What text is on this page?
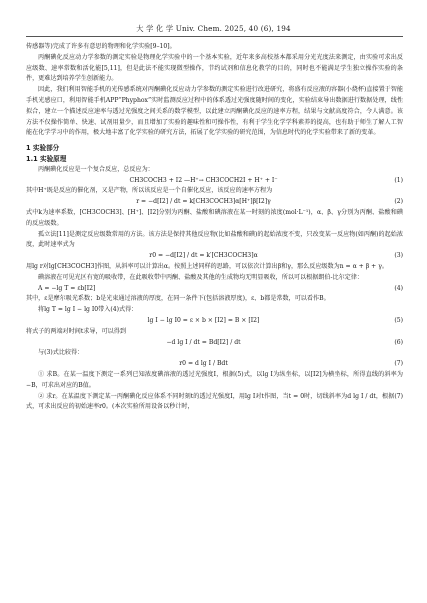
大 学 化 学 Univ. Chem. 2025, 40 (6), 194

传感器等)完成了许多有意思的物理和化学实验[9–10]。

丙酮碘化反应动力学参数的测定实验是物理化学实验中的一个基本实验，近年来多高校基本都采用分光光度法来测定，由实验可求出反应级数、速率常数和活化能[5,11]，但是此法不能实现微型操作，节约试剂和信息化教学的目的，同时也不能满足学生独立操作实验的条件，更难达到培养学生创新能力。

因此，我们利用智能手机的光传感系统对丙酮碘化反应动力学参数的测定实验进行改进研究，将盛有反应液的容器(小烧杯)直接置于智能手机光感应口，利用智能手机APP“Phyphox”实时监测反应过程中的体系透过光强度随时间的变化，实验结束导出数据进行数据处理，线性拟合，建立一个描述反应速率与透过光强度之间关系的数学模型，以此建立丙酮碘化反应的速率方程，结果与文献高度符合，令人满意。该方法不仅操作简单、快速、试剂用量少，而且增加了实验的趣味性和可操作性，有利于学生化学学科素养的提高，也有助于师生了解人工智能在化学学习中的作用，极大地丰富了化学实验的研究方法，拓展了化学实验的研究范围，为信息时代的化学实验带来了新的变革。

1 实验部分
1.1 实验原理

丙酮碘化反应是一个复合反应，总反应为：

CH3COCH3 + I2 —H⁺→ CH3COCH2I + H⁺ + I⁻	(1)

其中H⁺既是反应的催化剂，又是产物，所以该反应是一个自催化反应，该反应的速率方程为

r = −d[I2] / dt = k[CH3COCH3]α[H⁺]β[I2]γ	(2)

式中k为速率系数，[CH3COCH3]、[H⁺]、[I2]分别为丙酮、盐酸和碘溶液在某一时刻的浓度(mol·L⁻¹)，α、β、γ分别为丙酮、盐酸和碘的反应级数。

孤立法[11]是测定反应级数常用的方法。该方法是保持其他反应物(比如盐酸和碘)的起始浓度不变，只改变某一反应物(如丙酮)的起始浓度，此时速率式为

r0 = −d[I2] / dt = k′[CH3COCH3]α	(3)

用lg r对lg[CH3COCH3]作图，从斜率可以计算出α。按照上述同样的思路，可以依次计算出β和γ，那么反应级数为n = α + β + γ。

碘溶液在可见光区有宽的吸收带，在此吸收带中丙酮、盐酸及其他的生成物均无明显吸收，所以可以根据朗伯-比尔定律：

A = −lg T = εb[I2]	(4)

其中，ε是摩尔吸光系数；b是光束通过溶液的厚度，在同一条件下(包括溶液厚度)，ε、b都是常数，可以看作B。

将lg T = lg I − lg I0带入(4)式得：

lg I − lg I0 = ε × b × [I2] = B × [I2]	(5)

将式子的两端对时间t求导，可以得到

−d lg I / dt = Bd[I2] / dt	(6)

与(3)式比较得：

r0 = d lg I / Bdt	(7)

① 求B。在某一温度下测定一系列已知浓度碘溶液的透过光强度I，根据(5)式，以lg I为纵坐标，以[I2]为横坐标，所得直线的斜率为−B，可求出对应的B值。

② 求r。在某温度下测定某一丙酮碘化反应体系不同时刻t的透过光强度I，用lg I对t作图，当t = 0时，切线斜率为d lg I / dt，根据(7)式，可求出反应的初始速率r0。(本次实验所用设备以秒计时，
